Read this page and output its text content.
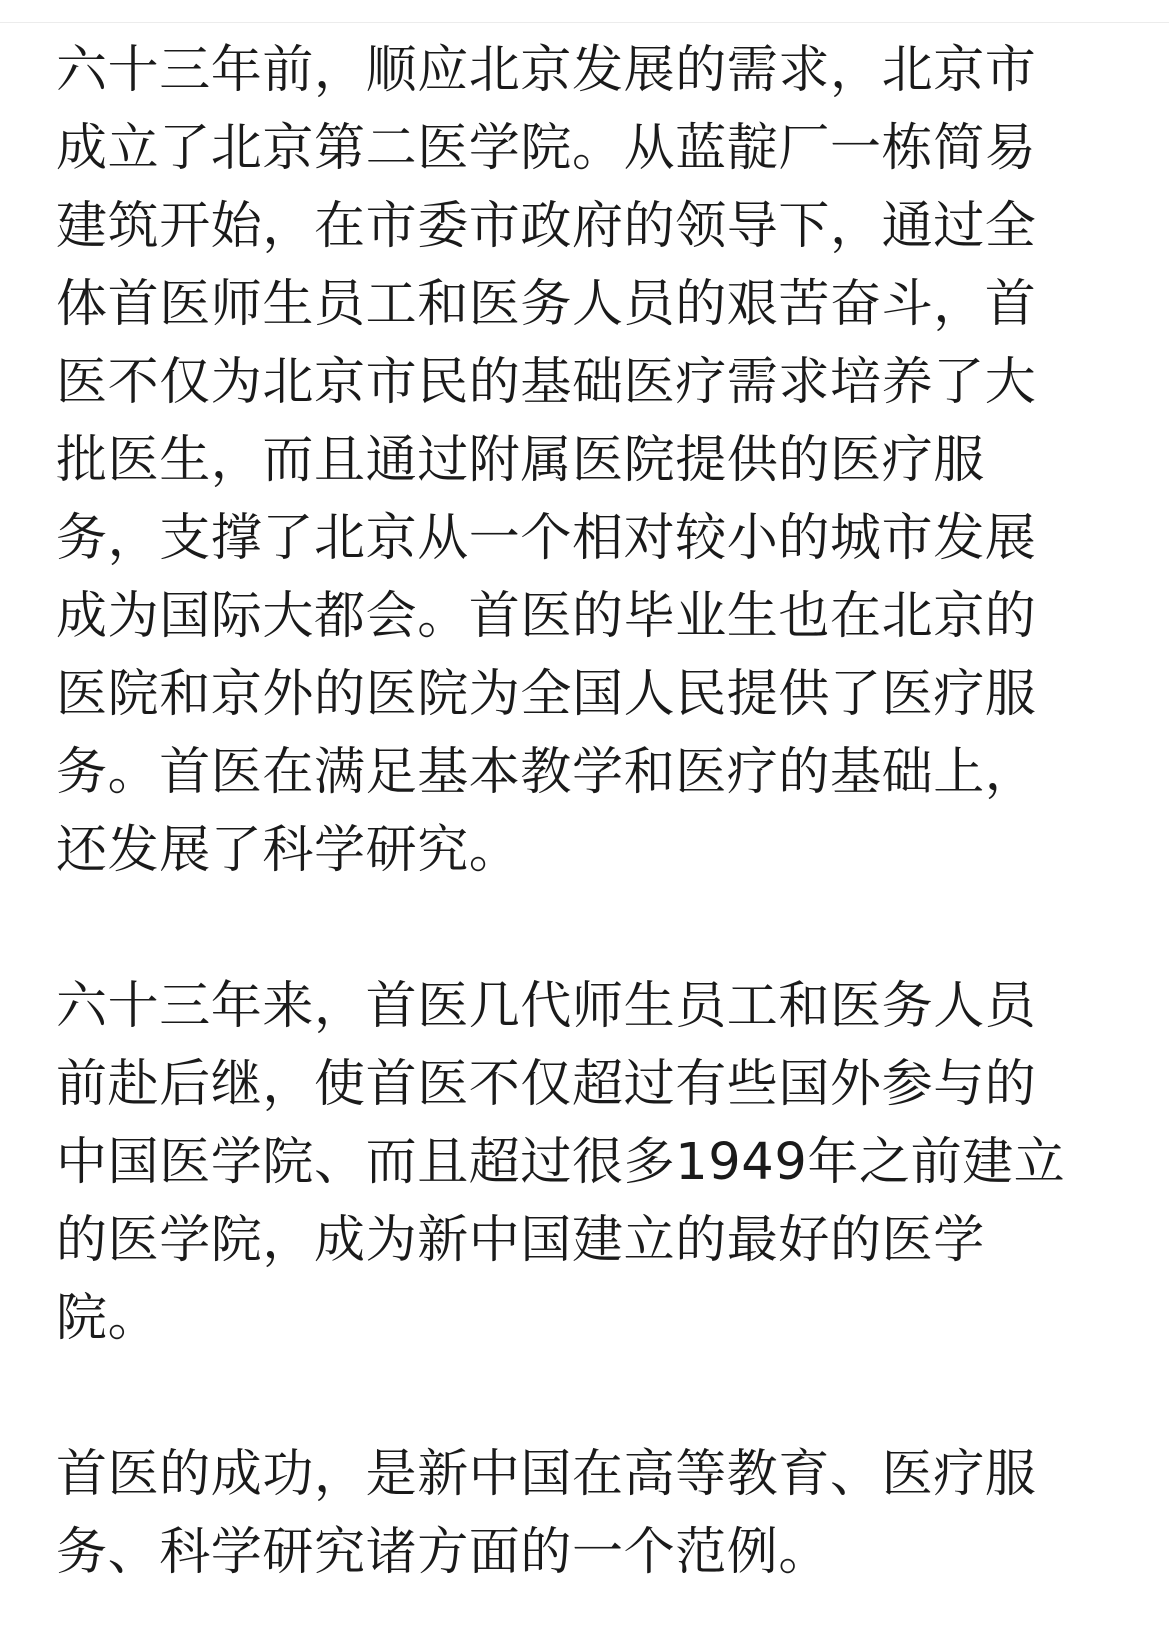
六十三年前，顺应北京发展的需求，北京市
成立了北京第二医学院。从蓝靛厂一栋简易
建筑开始，在市委市政府的领导下，通过全
体首医师生员工和医务人员的艰苦奋斗，首
医不仅为北京市民的基础医疗需求培养了大
批医生，而且通过附属医院提供的医疗服
务，支撑了北京从一个相对较小的城市发展
成为国际大都会。首医的毕业生也在北京的
医院和京外的医院为全国人民提供了医疗服
务。首医在满足基本教学和医疗的基础上，
还发展了科学研究。

六十三年来，首医几代师生员工和医务人员
前赴后继，使首医不仅超过有些国外参与的
中国医学院、而且超过很多1949年之前建立
的医学院，成为新中国建立的最好的医学
院。

首医的成功，是新中国在高等教育、医疗服
务、科学研究诸方面的一个范例。
